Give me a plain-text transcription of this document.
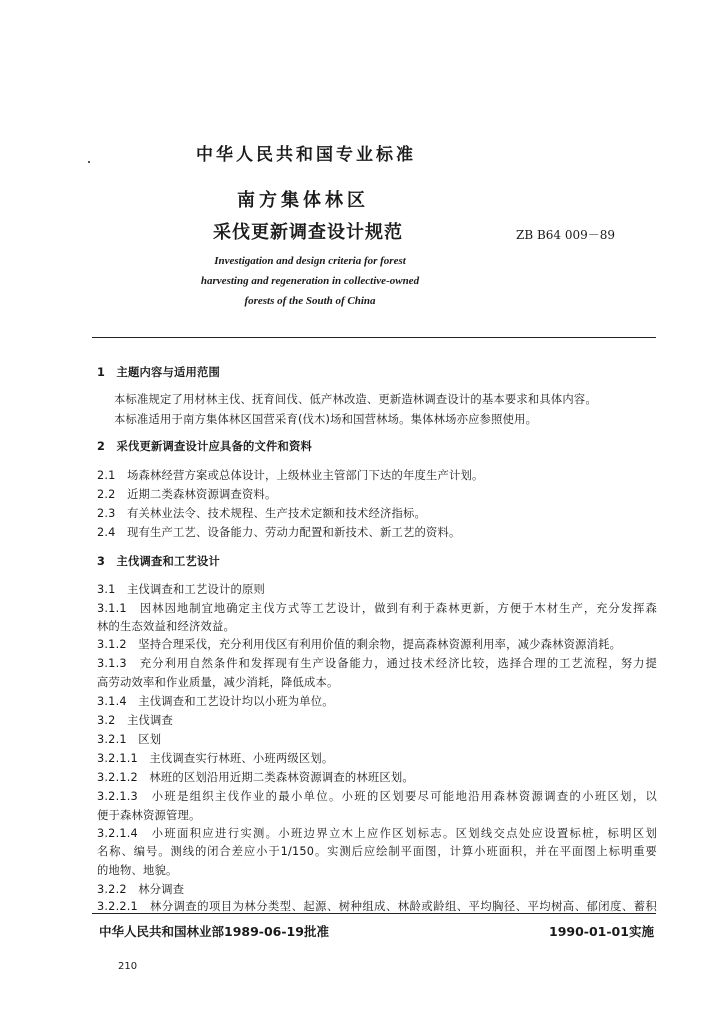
中华人民共和国专业标准
南方集体林区
采伐更新调查设计规范	ZB B64 009－89
Investigation and design criteria for forest
harvesting and regeneration in collective-owned
forests of the South of China
1　主题内容与适用范围
本标准规定了用材林主伐、抚育间伐、低产林改造、更新造林调查设计的基本要求和具体内容。
本标准适用于南方集体林区国营采育(伐木)场和国营林场。集体林场亦应参照使用。
2　采伐更新调查设计应具备的文件和资料
2.1　场森林经营方案或总体设计，上级林业主管部门下达的年度生产计划。
2.2　近期二类森林资源调查资料。
2.3　有关林业法令、技术规程、生产技术定额和技术经济指标。
2.4　现有生产工艺、设备能力、劳动力配置和新技术、新工艺的资料。
3　主伐调查和工艺设计
3.1　主伐调查和工艺设计的原则
3.1.1　因林因地制宜地确定主伐方式等工艺设计，做到有利于森林更新，方便于木材生产，充分发挥森
林的生态效益和经济效益。
3.1.2　坚持合理采伐，充分利用伐区有利用价值的剩余物，提高森林资源利用率，减少森林资源消耗。
3.1.3　充分利用自然条件和发挥现有生产设备能力，通过技术经济比较，选择合理的工艺流程，努力提
高劳动效率和作业质量，减少消耗，降低成本。
3.1.4　主伐调查和工艺设计均以小班为单位。
3.2　主伐调查
3.2.1　区划
3.2.1.1　主伐调查实行林班、小班两级区划。
3.2.1.2　林班的区划沿用近期二类森林资源调查的林班区划。
3.2.1.3　小班是组织主伐作业的最小单位。小班的区划要尽可能地沿用森林资源调查的小班区划，以
便于森林资源管理。
3.2.1.4　小班面积应进行实测。小班边界立木上应作区划标志。区划线交点处应设置标桩，标明区划
名称、编号。测线的闭合差应小于1/150。实测后应绘制平面图，计算小班面积，并在平面图上标明重要
的地物、地貌。
3.2.2　林分调查
3.2.2.1　林分调查的项目为林分类型、起源、树种组成、林龄或龄组、平均胸径、平均树高、郁闭度、蓄积
中华人民共和国林业部1989-06-19批准	1990-01-01实施
210
